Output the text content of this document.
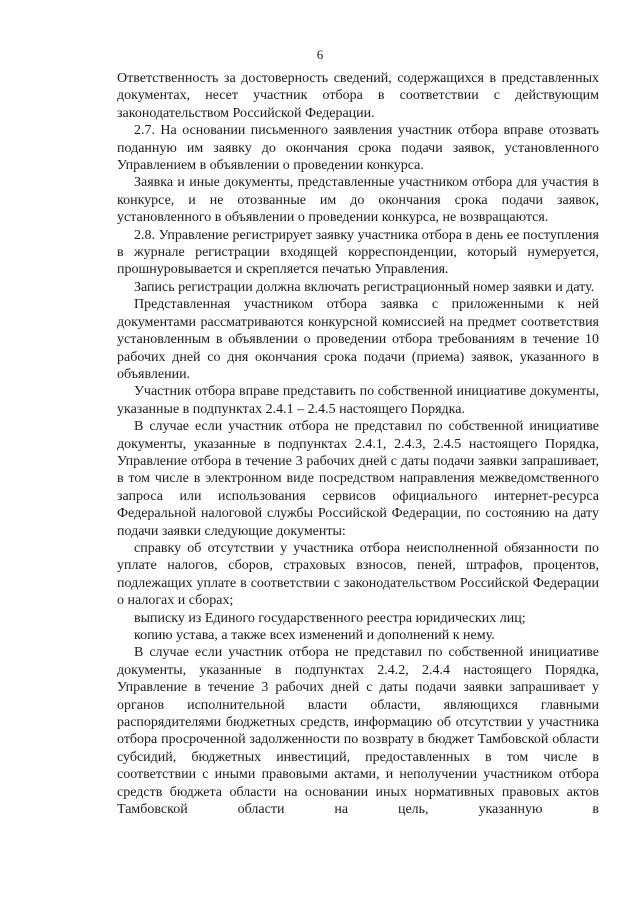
6

Ответственность за достоверность сведений, содержащихся в представленных документах, несет участник отбора в соответствии с действующим законодательством Российской Федерации.

2.7. На основании письменного заявления участник отбора вправе отозвать поданную им заявку до окончания срока подачи заявок, установленного Управлением в объявлении о проведении конкурса.

Заявка и иные документы, представленные участником отбора для участия в конкурсе, и не отозванные им до окончания срока подачи заявок, установленного в объявлении о проведении конкурса, не возвращаются.

2.8. Управление регистрирует заявку участника отбора в день ее поступления в журнале регистрации входящей корреспонденции, который нумеруется, прошнуровывается и скрепляется печатью Управления.

Запись регистрации должна включать регистрационный номер заявки и дату.

Представленная участником отбора заявка с приложенными к ней документами рассматриваются конкурсной комиссией на предмет соответствия установленным в объявлении о проведении отбора требованиям в течение 10 рабочих дней со дня окончания срока подачи (приема) заявок, указанного в объявлении.

Участник отбора вправе представить по собственной инициативе документы, указанные в подпунктах 2.4.1 – 2.4.5 настоящего Порядка.

В случае если участник отбора не представил по собственной инициативе документы, указанные в подпунктах 2.4.1, 2.4.3, 2.4.5 настоящего Порядка, Управление отбора в течение 3 рабочих дней с даты подачи заявки запрашивает, в том числе в электронном виде посредством направления межведомственного запроса или использования сервисов официального интернет-ресурса Федеральной налоговой службы Российской Федерации, по состоянию на дату подачи заявки следующие документы:

справку об отсутствии у участника отбора неисполненной обязанности по уплате налогов, сборов, страховых взносов, пеней, штрафов, процентов, подлежащих уплате в соответствии с законодательством Российской Федерации о налогах и сборах;

выписку из Единого государственного реестра юридических лиц;

копию устава, а также всех изменений и дополнений к нему.

В случае если участник отбора не представил по собственной инициативе документы, указанные в подпунктах 2.4.2, 2.4.4 настоящего Порядка, Управление в течение 3 рабочих дней с даты подачи заявки запрашивает у органов исполнительной власти области, являющихся главными распорядителями бюджетных средств, информацию об отсутствии у участника отбора просроченной задолженности по возврату в бюджет Тамбовской области субсидий, бюджетных инвестиций, предоставленных в том числе в соответствии с иными правовыми актами, и неполучении участником отбора средств бюджета области на основании иных нормативных правовых актов Тамбовской области на цель, указанную в
